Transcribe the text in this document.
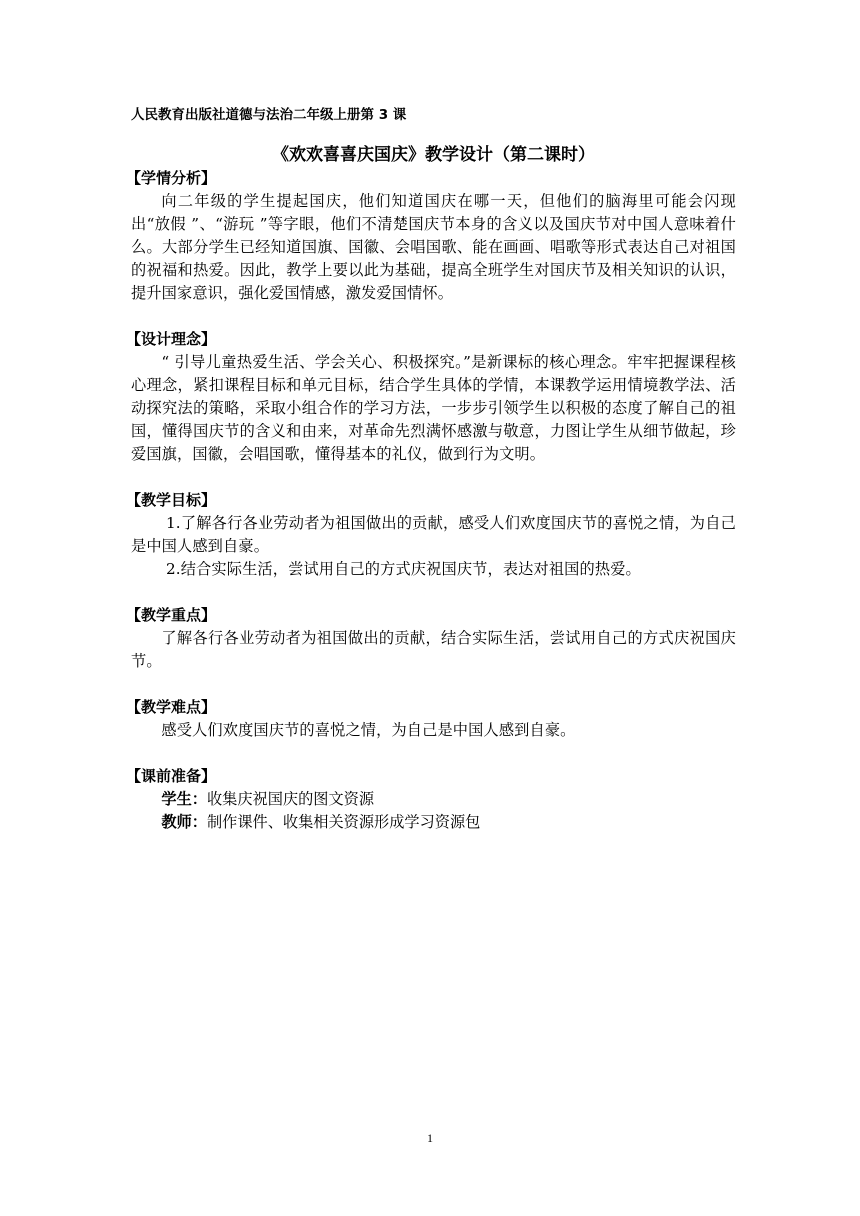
人民教育出版社道德与法治二年级上册第 3 课

《欢欢喜喜庆国庆》教学设计（第二课时）
【学情分析】

向二年级的学生提起国庆，他们知道国庆在哪一天，但他们的脑海里可能会闪现出“放假 ”、“游玩 ”等字眼，他们不清楚国庆节本身的含义以及国庆节对中国人意味着什么。大部分学生已经知道国旗、国徽、会唱国歌、能在画画、唱歌等形式表达自己对祖国的祝福和热爱。因此，教学上要以此为基础，提高全班学生对国庆节及相关知识的认识，提升国家意识，强化爱国情感，激发爱国情怀。

【设计理念】

“ 引导儿童热爱生活、学会关心、积极探究。”是新课标的核心理念。牢牢把握课程核心理念，紧扣课程目标和单元目标，结合学生具体的学情，本课教学运用情境教学法、活动探究法的策略，采取小组合作的学习方法，一步步引领学生以积极的态度了解自己的祖国，懂得国庆节的含义和由来，对革命先烈满怀感激与敬意，力图让学生从细节做起，珍爱国旗，国徽，会唱国歌，懂得基本的礼仪，做到行为文明。

【教学目标】

1.了解各行各业劳动者为祖国做出的贡献，感受人们欢度国庆节的喜悦之情，为自己是中国人感到自豪。

2.结合实际生活，尝试用自己的方式庆祝国庆节，表达对祖国的热爱。

【教学重点】

了解各行各业劳动者为祖国做出的贡献，结合实际生活，尝试用自己的方式庆祝国庆节。

【教学难点】

感受人们欢度国庆节的喜悦之情，为自己是中国人感到自豪。

【课前准备】

学生：收集庆祝国庆的图文资源

教师：制作课件、收集相关资源形成学习资源包

1
